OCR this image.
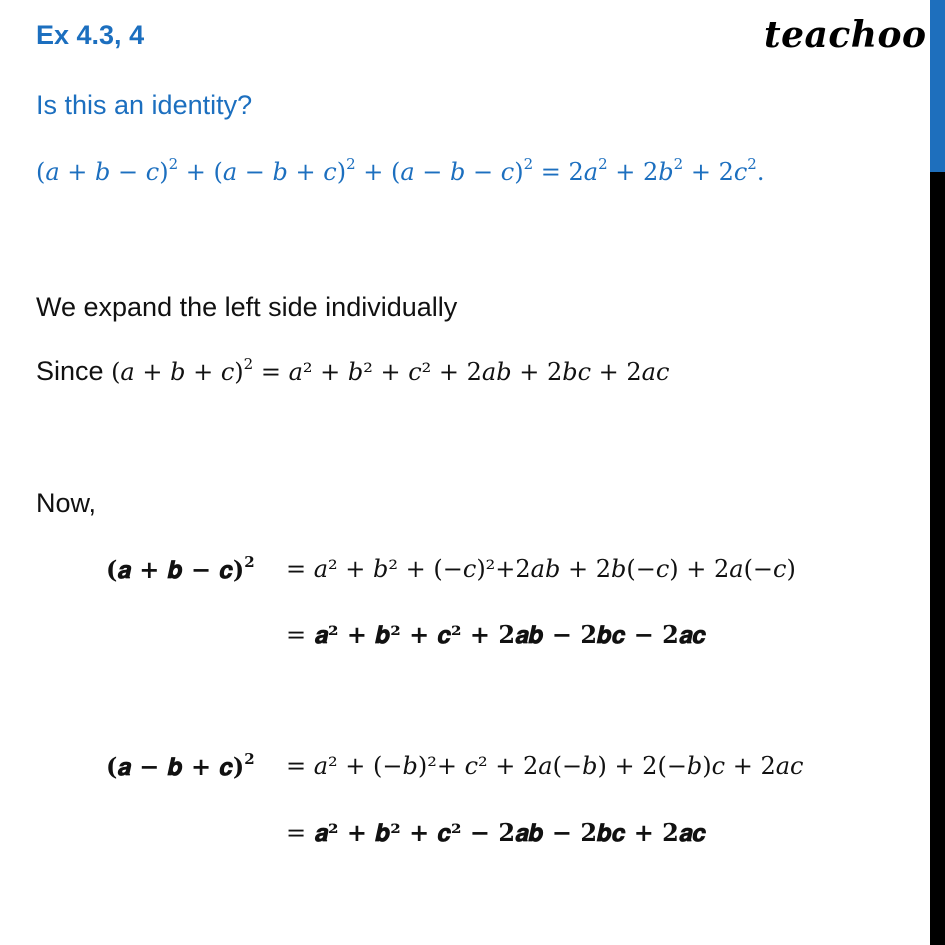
Ex 4.3, 4	teachoo
Is this an identity?
(𝑎 + 𝑏 − 𝑐)$^2$ + (𝑎 − 𝑏 + 𝑐)$^2$ + (𝑎 − 𝑏 − 𝑐)$^2$ = 2𝑎$^2$ + 2𝑏$^2$ + 2𝑐$^2$.
We expand the left side individually
Since (𝑎 + 𝑏 + 𝑐)$^2$ = 𝑎² + 𝑏² + 𝑐² + 2𝑎𝑏 + 2𝑏𝑐 + 2𝑎𝑐
Now,
(𝒂 + 𝒃 − 𝒄)$^𝟐$ = 𝑎² + 𝑏² + (−𝑐)²+2𝑎𝑏 + 2𝑏(−𝑐) + 2𝑎(−𝑐)
= 𝒂² + 𝒃² + 𝒄² + 𝟐𝒂𝒃 − 𝟐𝒃𝒄 − 𝟐𝒂𝒄
(𝒂 − 𝒃 + 𝒄)$^𝟐$ = 𝑎² + (−𝑏)²+ 𝑐² + 2𝑎(−𝑏) + 2(−𝑏)𝑐 + 2𝑎𝑐
= 𝒂² + 𝒃² + 𝒄² − 𝟐𝒂𝒃 − 𝟐𝒃𝒄 + 𝟐𝒂𝒄
